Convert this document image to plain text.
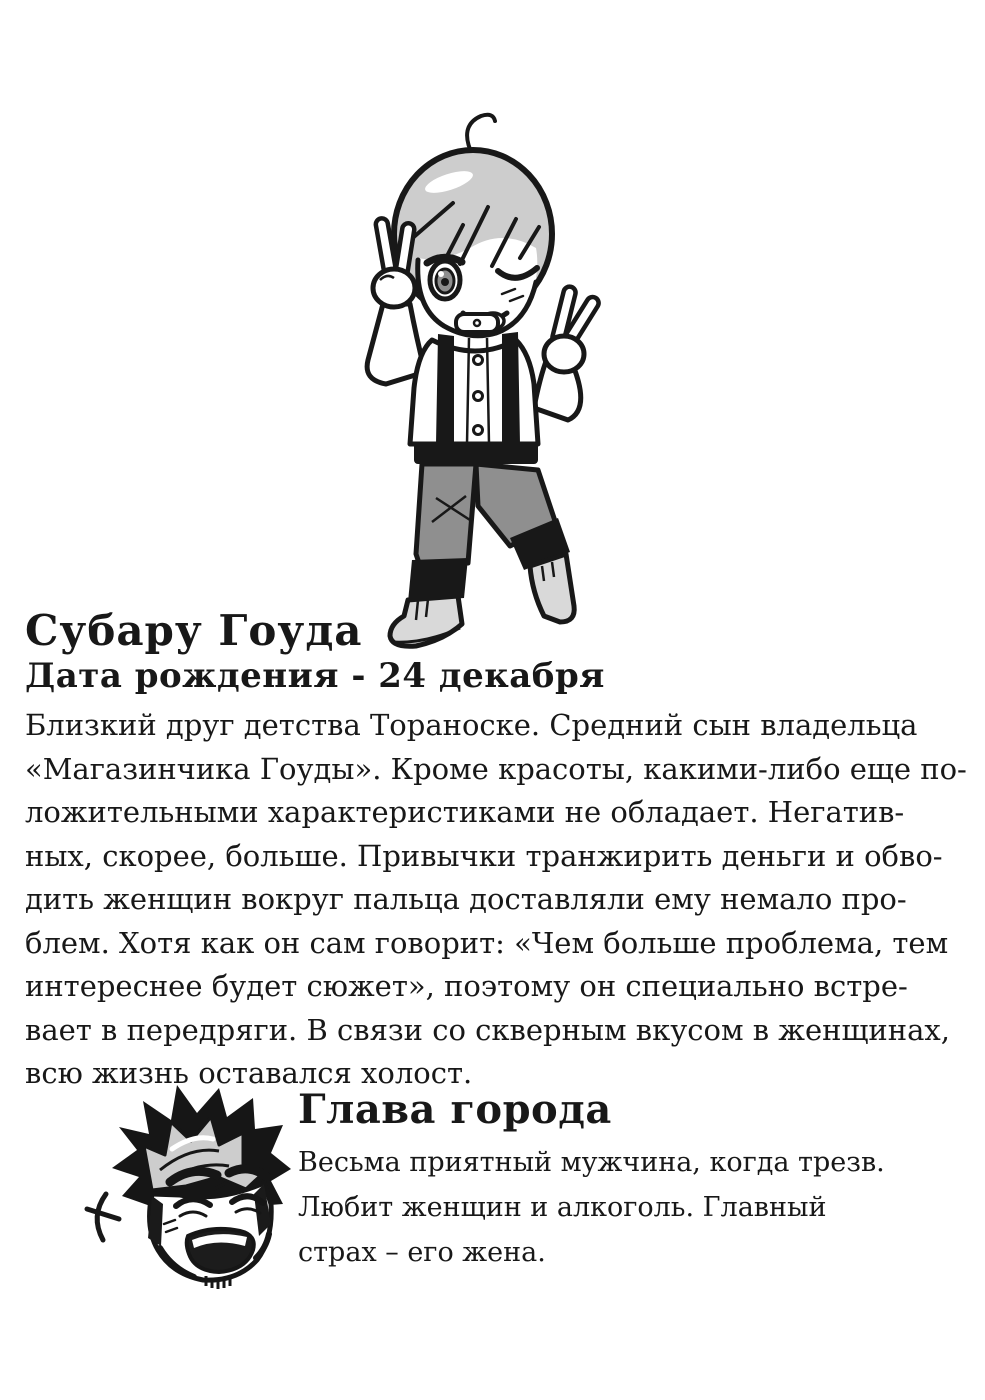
Субару Гоуда
Дата рождения - 24 декабря
Близкий друг детства Тораноске. Средний сын владельца
«Магазинчика Гоуды». Кроме красоты, какими-либо еще по-
ложительными характеристиками не обладает. Негатив-
ных, скорее, больше. Привычки транжирить деньги и обво-
дить женщин вокруг пальца доставляли ему немало про-
блем. Хотя как он сам говорит: «Чем больше проблема, тем
интереснее будет сюжет», поэтому он специально встре-
вает в передряги. В связи со скверным вкусом в женщинах,
всю жизнь оставался холост.
Глава города
Весьма приятный мужчина, когда трезв.
Любит женщин и алкоголь. Главный
страх – его жена.
